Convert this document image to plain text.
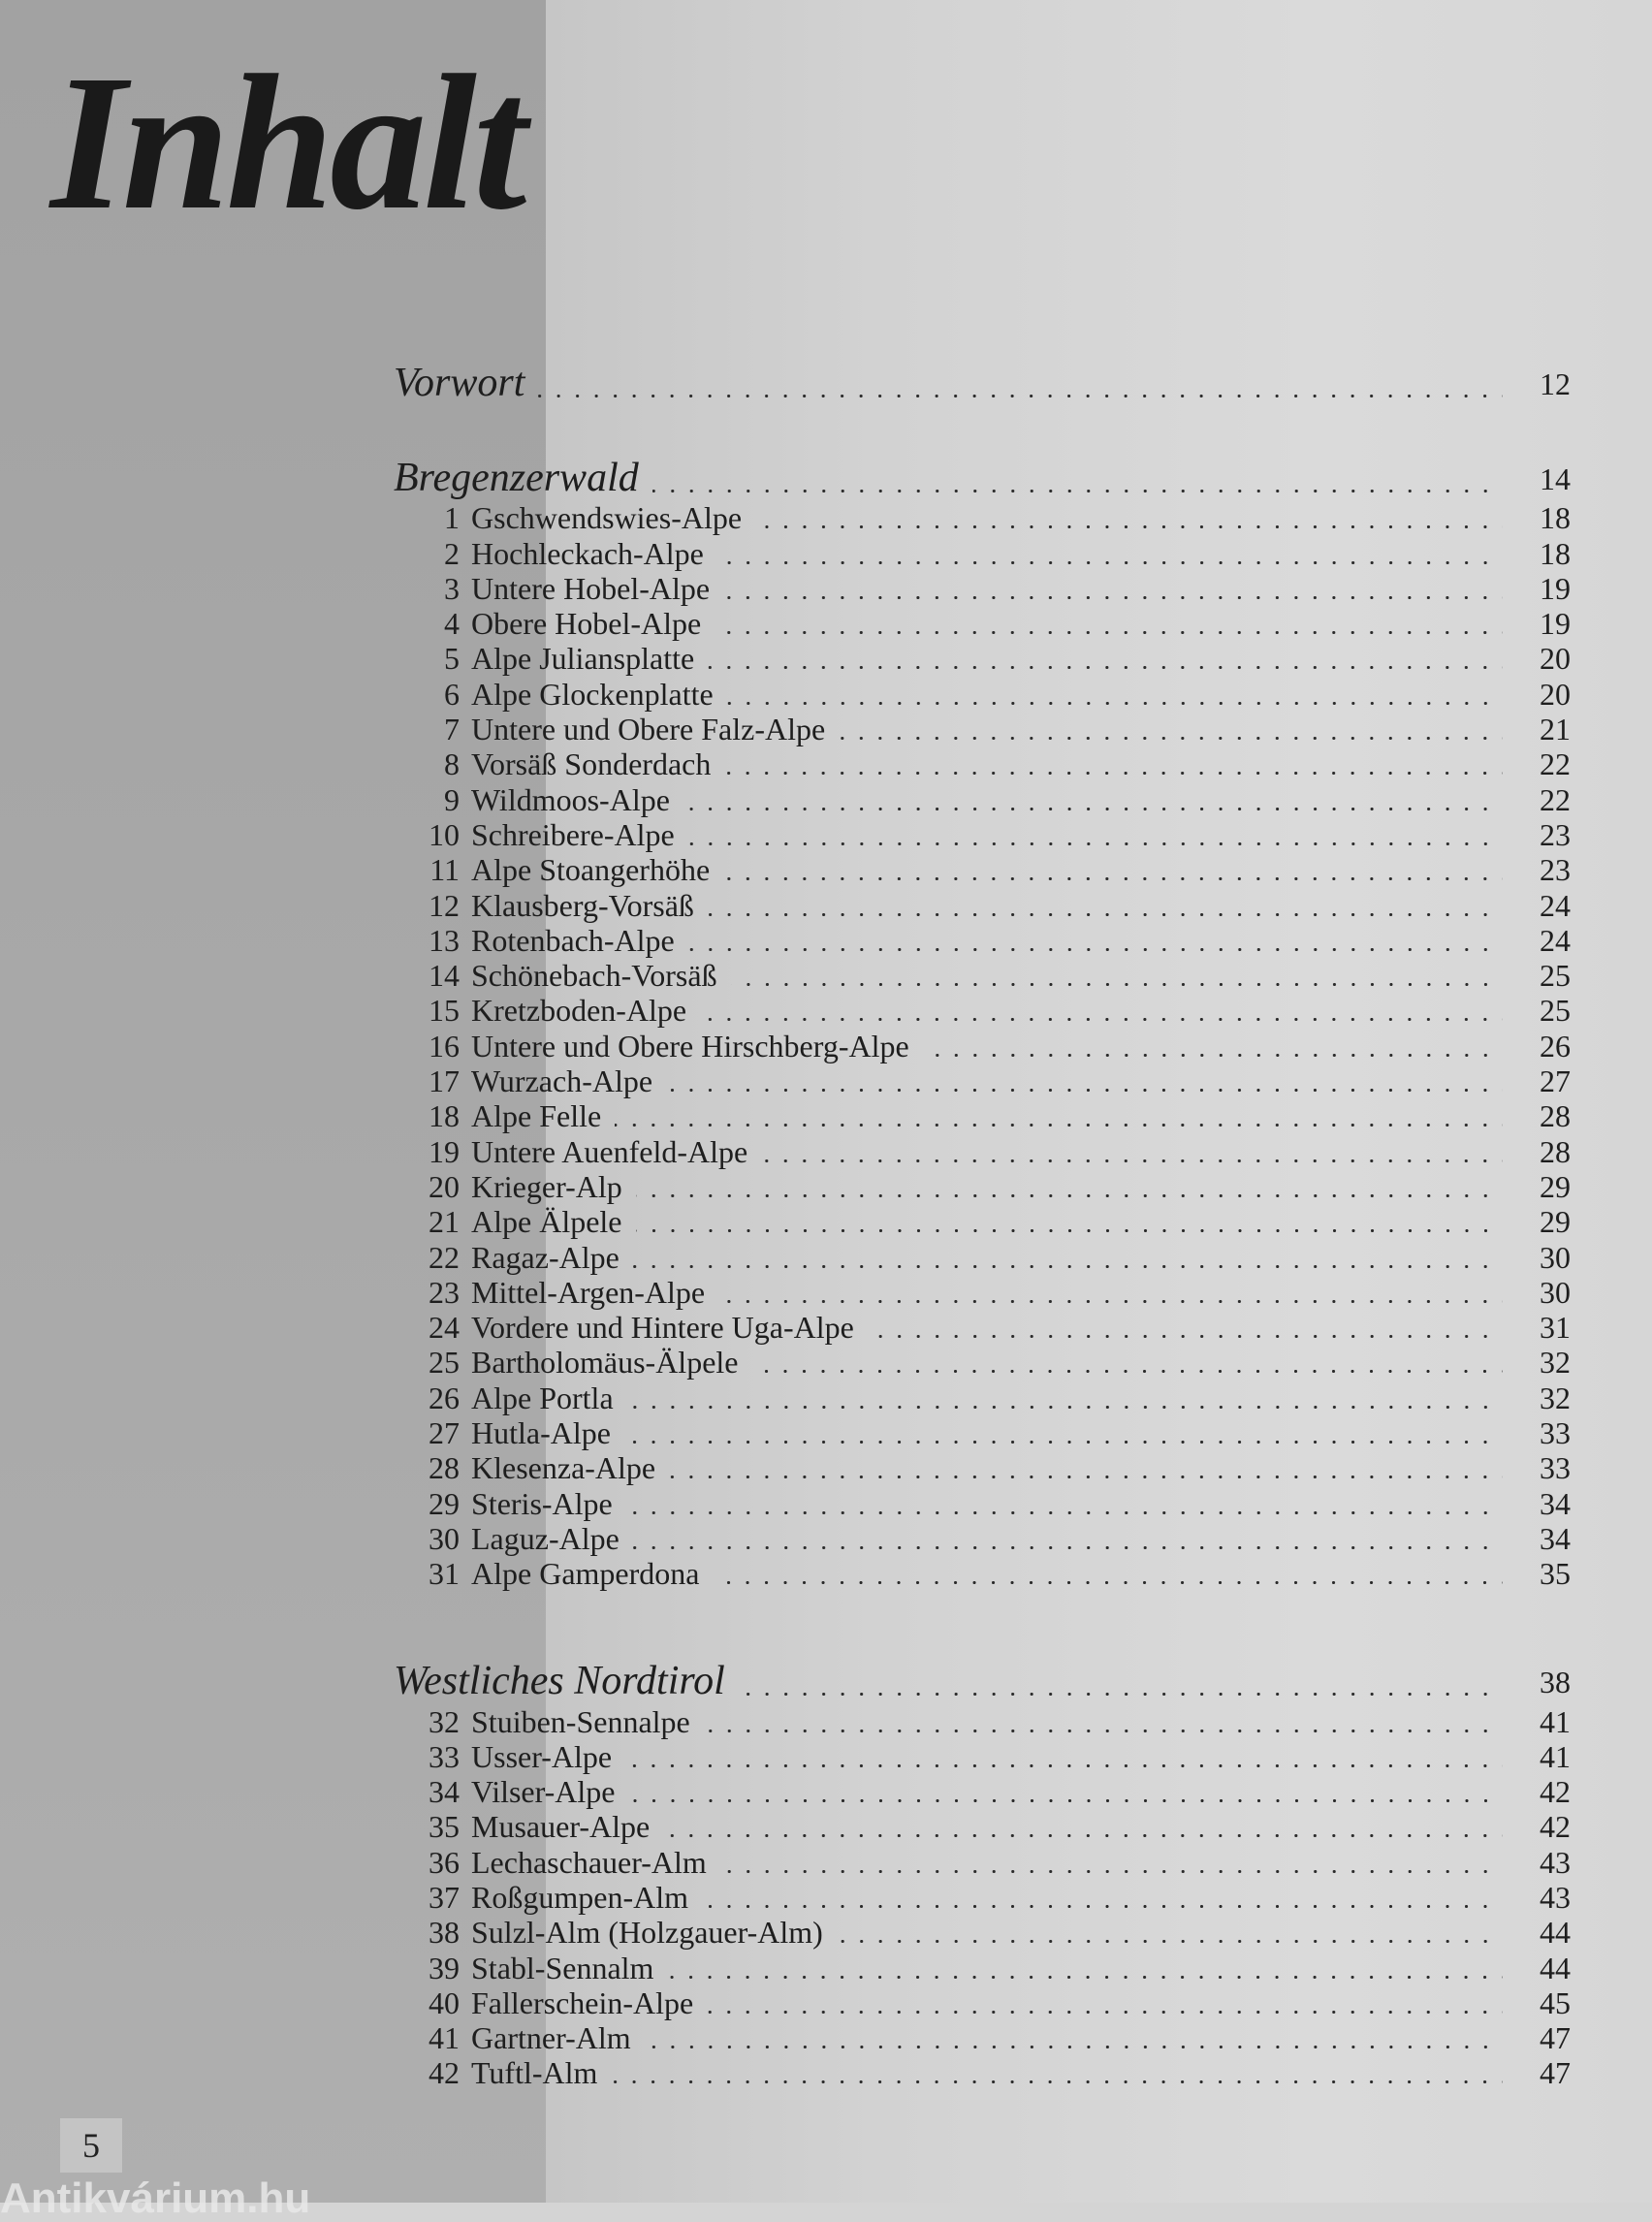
Inhalt
Vorwort	12
Bregenzerwald	14
1 Gschwendswies-Alpe	18
2 Hochleckach-Alpe	18
3 Untere Hobel-Alpe	19
4 Obere Hobel-Alpe	19
5 Alpe Juliansplatte	20
6 Alpe Glockenplatte	20
7 Untere und Obere Falz-Alpe	21
8 Vorsäß Sonderdach	22
9 Wildmoos-Alpe	22
10 Schreibere-Alpe	23
11 Alpe Stoangerhöhe	23
12 Klausberg-Vorsäß	24
13 Rotenbach-Alpe	24
14 Schönebach-Vorsäß	25
15 Kretzboden-Alpe	25
16 Untere und Obere Hirschberg-Alpe	26
17 Wurzach-Alpe	27
18 Alpe Felle	28
19 Untere Auenfeld-Alpe	28
20 Krieger-Alp	29
21 Alpe Älpele	29
22 Ragaz-Alpe	30
23 Mittel-Argen-Alpe	30
24 Vordere und Hintere Uga-Alpe	31
25 Bartholomäus-Älpele	32
26 Alpe Portla	32
27 Hutla-Alpe	33
28 Klesenza-Alpe	33
29 Steris-Alpe	34
30 Laguz-Alpe	34
31 Alpe Gamperdona	35
Westliches Nordtirol	38
32 Stuiben-Sennalpe	41
33 Usser-Alpe	41
34 Vilser-Alpe	42
35 Musauer-Alpe	42
36 Lechaschauer-Alm	43
37 Roßgumpen-Alm	43
38 Sulzl-Alm (Holzgauer-Alm)	44
39 Stabl-Sennalm	44
40 Fallerschein-Alpe	45
41 Gartner-Alm	47
42 Tuftl-Alm	47
5
Antikvárium.hu
